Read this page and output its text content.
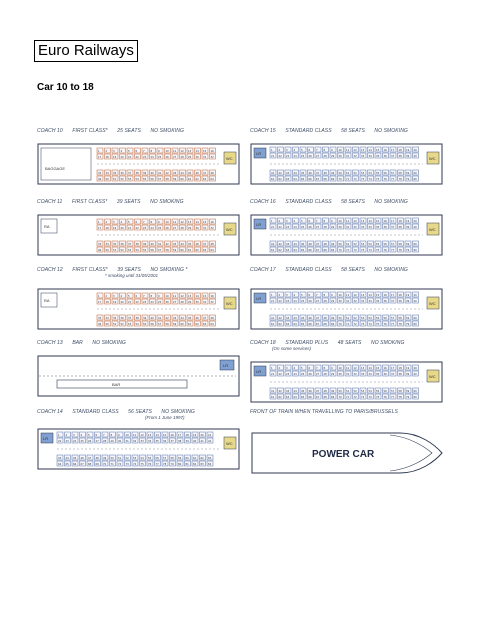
Euro Railways
Car 10 to 18
COACH 10 FIRST CLASS* 25 SEATS NO SMOKING
BAGGAGE
WC
1 2 3 4 5 6 7 8 9 10 11 12 13 14 15 16
17 18 19 20 21 22 23 24 25 26 27 28 29 30 31 32
33 34 35 36 37 38 39 40 41 42 43 44 45 46 47 48
49 50 51 52 53 54 55 56 57 58 59 60 61 62 63 64
COACH 11 FIRST CLASS* 39 SEATS NO SMOKING
RA
WC
1 2 3 4 5 6 7 8 9 10 11 12 13 14 15 16
17 18 19 20 21 22 23 24 25 26 27 28 29 30 31 32
33 34 35 36 37 38 39 40 41 42 43 44 45 46 47 48
49 50 51 52 53 54 55 56 57 58 59 60 61 62 63 64
COACH 12 FIRST CLASS* 39 SEATS NO SMOKING *
* smoking until 31/05/2001
RA
WC
1 2 3 4 5 6 7 8 9 10 11 12 13 14 15 16
17 18 19 20 21 22 23 24 25 26 27 28 29 30 31 32
33 34 35 36 37 38 39 40 41 42 43 44 45 46 47 48
49 50 51 52 53 54 55 56 57 58 59 60 61 62 63 64
COACH 13 BAR NO SMOKING
BAR
LR
COACH 14 STANDARD CLASS 56 SEATS NO SMOKING
(From 1 June 1997)
LR
WC
1 2 3 4 5 6 7 8 9 10 11 12 13 14 15 16 17 18 19 20 21
22 23 24 25 26 27 28 29 30 31 32 33 34 35 36 37 38 39 40 41 42
43 44 45 46 47 48 49 50 51 52 53 54 55 56 57 58 59 60 61 62 63
64 65 66 67 68 69 70 71 72 73 74 75 76 77 78 79 80 81 82 83 84
COACH 15 STANDARD CLASS 58 SEATS NO SMOKING
LR
WC
1 2 3 4 5 6 7 8 9 10 11 12 13 14 15 16 17 18 19 20
21 22 23 24 25 26 27 28 29 30 31 32 33 34 35 36 37 38 39 40
41 42 43 44 45 46 47 48 49 50 51 52 53 54 55 56 57 58 59 60
61 62 63 64 65 66 67 68 69 70 71 72 73 74 75 76 77 78 79 80
COACH 16 STANDARD CLASS 58 SEATS NO SMOKING
LR
WC
1 2 3 4 5 6 7 8 9 10 11 12 13 14 15 16 17 18 19 20
21 22 23 24 25 26 27 28 29 30 31 32 33 34 35 36 37 38 39 40
41 42 43 44 45 46 47 48 49 50 51 52 53 54 55 56 57 58 59 60
61 62 63 64 65 66 67 68 69 70 71 72 73 74 75 76 77 78 79 80
COACH 17 STANDARD CLASS 58 SEATS NO SMOKING
LR
WC
1 2 3 4 5 6 7 8 9 10 11 12 13 14 15 16 17 18 19 20
21 22 23 24 25 26 27 28 29 30 31 32 33 34 35 36 37 38 39 40
41 42 43 44 45 46 47 48 49 50 51 52 53 54 55 56 57 58 59 60
61 62 63 64 65 66 67 68 69 70 71 72 73 74 75 76 77 78 79 80
COACH 18 STANDARD PLUS 48 SEATS NO SMOKING
(On some services)
LR
WC
1 2 3 4 5 6 7 8 9 10 11 12 13 14 15 16 17 18 19 20
21 22 23 24 25 26 27 28 29 30 31 32 33 34 35 36 37 38 39 40
41 42 43 44 45 46 47 48 49 50 51 52 53 54 55 56 57 58 59 60
61 62 63 64 65 66 67 68 69 70 71 72 73 74 75 76 77 78 79 80
FRONT OF TRAIN WHEN TRAVELLING TO PARIS/BRUSSELS
POWER CAR
